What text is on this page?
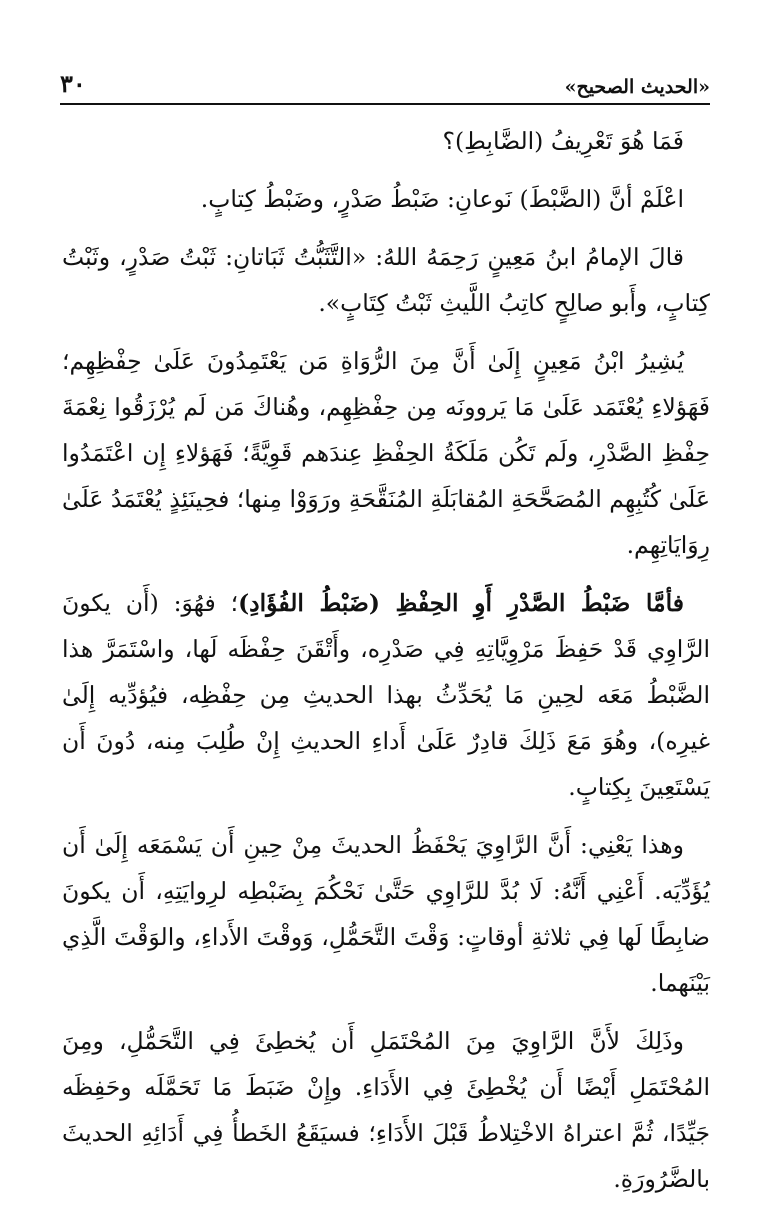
«الحديث الصحيح»
٣٠

فَمَا هُوَ تَعْرِيفُ (الضَّابِطِ)؟

اعْلَمْ أنَّ (الضَّبْطَ) نَوعانِ: ضَبْطُ صَدْرٍ، وضَبْطُ كِتابٍ.

قالَ الإمامُ ابنُ مَعِينٍ رَحِمَهُ اللهُ: «التَّثَبُّتُ ثَبَاتانِ: ثَبْتُ صَدْرٍ، وثَبْتُ كِتابٍ، وأَبو صالِحٍ كاتِبُ اللَّيثِ ثَبْتُ كِتَابٍ».

يُشِيرُ ابْنُ مَعِينٍ إِلَىٰ أَنَّ مِنَ الرُّوَاةِ مَن يَعْتَمِدُونَ عَلَىٰ حِفْظِهِم؛ فَهَؤلاءِ يُعْتَمَد عَلَىٰ مَا يَروونَه مِن حِفْظِهِم، وهُناكَ مَن لَم يُرْزَقُوا نِعْمَةَ حِفْظِ الصَّدْرِ، ولَم تَكُن مَلَكَةُ الحِفْظِ عِندَهم قَوِيَّةً؛ فَهَؤلاءِ إِن اعْتَمَدُوا عَلَىٰ كُتُبِهِم المُصَحَّحَةِ المُقابَلَةِ المُنَقَّحَةِ ورَوَوْا مِنها؛ فحِينَئِذٍ يُعْتَمَدُ عَلَىٰ رِوَايَاتِهِم.

فأمَّا ضَبْطُ الصَّدْرِ أَوِ الحِفْظِ (ضَبْطُ الفُؤَادِ)؛ فهُوَ: (أَن يكونَ الرَّاوِي قَدْ حَفِظَ مَرْوِيَّاتِهِ فِي صَدْرِه، وأَتْقَنَ حِفْظَه لَها، واسْتَمَرَّ هذا الضَّبْطُ مَعَه لحِينِ مَا يُحَدِّثُ بهذا الحديثِ مِن حِفْظِه، فيُؤدِّيه إِلَىٰ غيرِه)، وهُوَ مَعَ ذَلِكَ قادِرٌ عَلَىٰ أَداءِ الحديثِ إِنْ طُلِبَ مِنه، دُونَ أَن يَسْتَعِينَ بِكِتابٍ.

وهذا يَعْنِي: أَنَّ الرَّاوِيَ يَحْفَظُ الحديثَ مِنْ حِينِ أَن يَسْمَعَه إِلَىٰ أَن يُؤَدِّيَه. أَعْنِي أَنَّهُ: لَا بُدَّ للرَّاوِي حَتَّىٰ نَحْكُمَ بِضَبْطِه لرِوايَتِهِ، أَن يكونَ ضابِطًا لَها فِي ثلاثةِ أوقاتٍ: وَقْتَ التَّحَمُّلِ، وَوقْتَ الأَداءِ، والوَقْتَ الَّذِي بَيْنَهما.

وذَلِكَ لأَنَّ الرَّاوِيَ مِنَ المُحْتَمَلِ أَن يُخطِئَ فِي التَّحَمُّلِ، ومِنَ المُحْتَمَلِ أَيْضًا أَن يُخْطِئَ فِي الأَدَاءِ. وإِنْ ضَبَطَ مَا تَحَمَّلَه وحَفِظَه جَيِّدًا، ثُمَّ اعتراهُ الاخْتِلاطُ قَبْلَ الأَدَاءِ؛ فسيَقَعُ الخَطأُ فِي أَدَائِهِ الحديثَ بالضَّرُورَةِ.
